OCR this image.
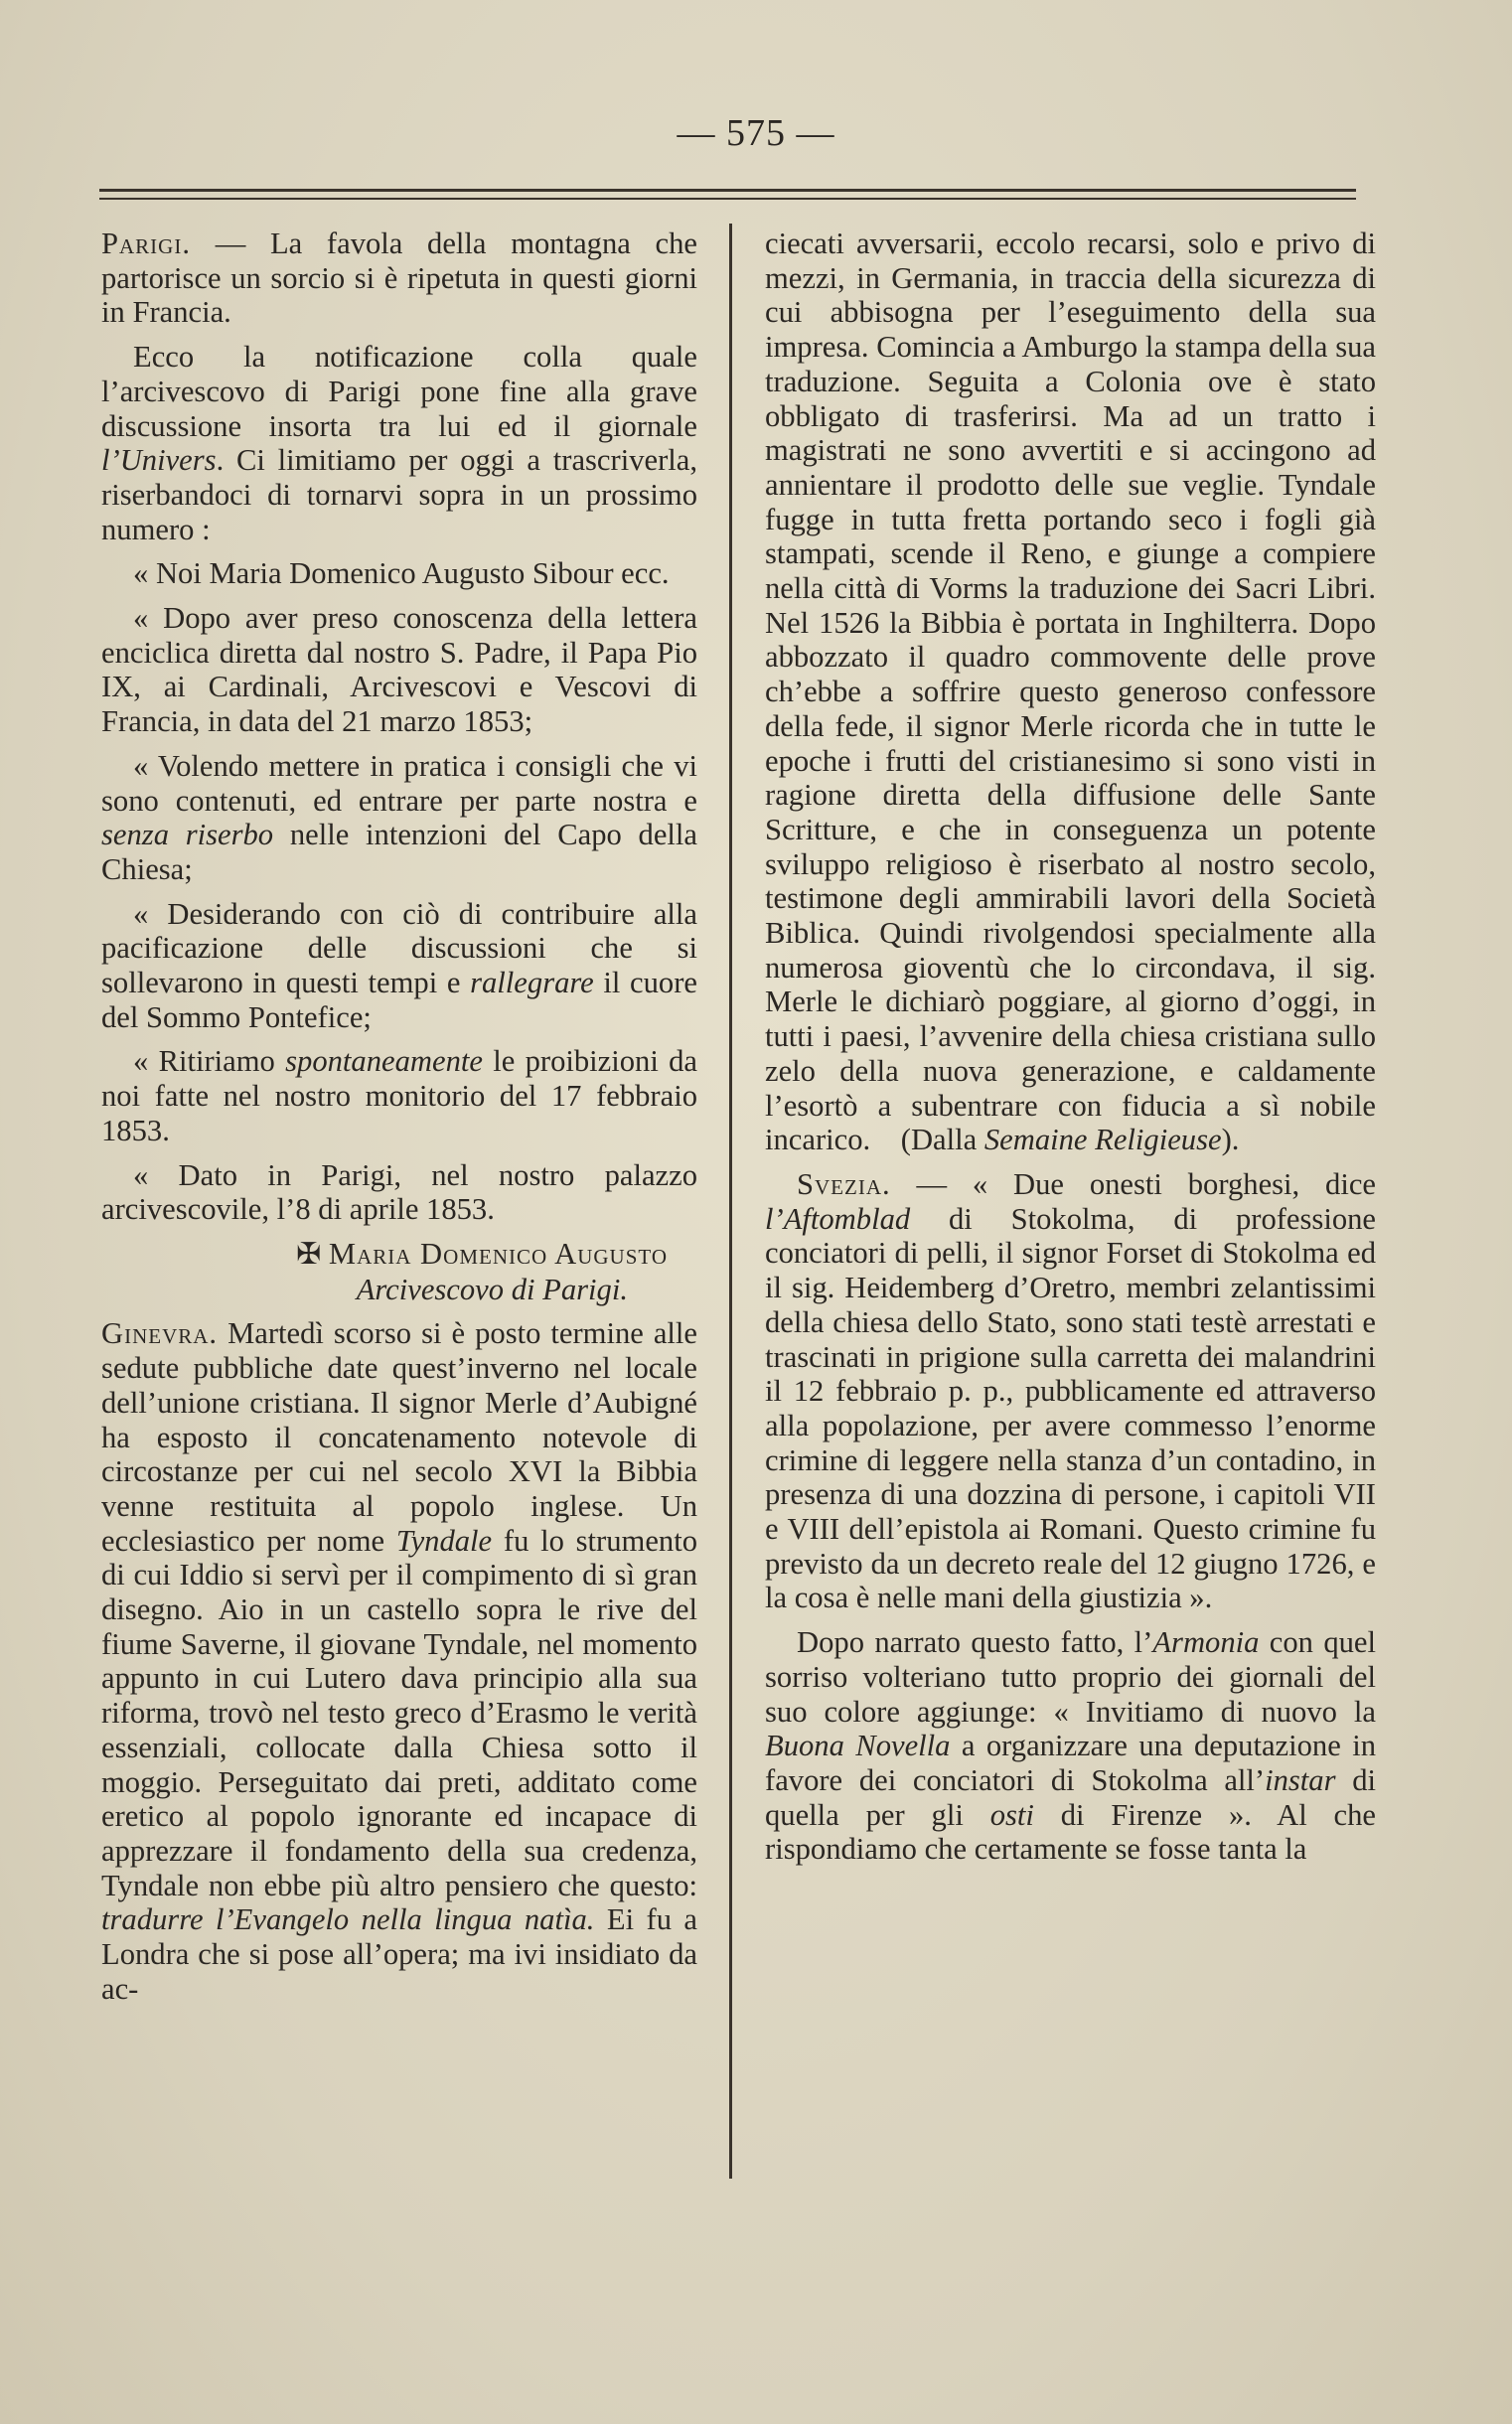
— 575 —

Parigi. — La favola della montagna che partorisce un sorcio si è ripetuta in questi giorni in Francia.

Ecco la notificazione colla quale l’arcivescovo di Parigi pone fine alla grave discussione insorta tra lui ed il giornale l’Univers. Ci limitiamo per oggi a trascriverla, riserbandoci di tornarvi sopra in un prossimo numero :

« Noi Maria Domenico Augusto Sibour ecc.

« Dopo aver preso conoscenza della lettera enciclica diretta dal nostro S. Padre, il Papa Pio IX, ai Cardinali, Arcivescovi e Vescovi di Francia, in data del 21 marzo 1853;

« Volendo mettere in pratica i consigli che vi sono contenuti, ed entrare per parte nostra e senza riserbo nelle intenzioni del Capo della Chiesa;

« Desiderando con ciò di contribuire alla pacificazione delle discussioni che si sollevarono in questi tempi e rallegrare il cuore del Sommo Pontefice;

« Ritiriamo spontaneamente le proibizioni da noi fatte nel nostro monitorio del 17 febbraio 1853.

« Dato in Parigi, nel nostro palazzo arcivescovile, l’8 di aprile 1853.

✠ Maria Domenico Augusto
Arcivescovo di Parigi.

Ginevra. Martedì scorso si è posto termine alle sedute pubbliche date quest’inverno nel locale dell’unione cristiana. Il signor Merle d’Aubigné ha esposto il concatenamento notevole di circostanze per cui nel secolo XVI la Bibbia venne restituita al popolo inglese. Un ecclesiastico per nome Tyndale fu lo strumento di cui Iddio si servì per il compimento di sì gran disegno. Aio in un castello sopra le rive del fiume Saverne, il giovane Tyndale, nel momento appunto in cui Lutero dava principio alla sua riforma, trovò nel testo greco d’Erasmo le verità essenziali, collocate dalla Chiesa sotto il moggio. Perseguitato dai preti, additato come eretico al popolo ignorante ed incapace di apprezzare il fondamento della sua credenza, Tyndale non ebbe più altro pensiero che questo: tradurre l’Evangelo nella lingua natìa. Ei fu a Londra che si pose all’opera; ma ivi insidiato da ac-

ciecati avversarii, eccolo recarsi, solo e privo di mezzi, in Germania, in traccia della sicurezza di cui abbisogna per l’eseguimento della sua impresa. Comincia a Amburgo la stampa della sua traduzione. Seguita a Colonia ove è stato obbligato di trasferirsi. Ma ad un tratto i magistrati ne sono avvertiti e si accingono ad annientare il prodotto delle sue veglie. Tyndale fugge in tutta fretta portando seco i fogli già stampati, scende il Reno, e giunge a compiere nella città di Vorms la traduzione dei Sacri Libri. Nel 1526 la Bibbia è portata in Inghilterra. Dopo abbozzato il quadro commovente delle prove ch’ebbe a soffrire questo generoso confessore della fede, il signor Merle ricorda che in tutte le epoche i frutti del cristianesimo si sono visti in ragione diretta della diffusione delle Sante Scritture, e che in conseguenza un potente sviluppo religioso è riserbato al nostro secolo, testimone degli ammirabili lavori della Società Biblica. Quindi rivolgendosi specialmente alla numerosa gioventù che lo circondava, il sig. Merle le dichiarò poggiare, al giorno d’oggi, in tutti i paesi, l’avvenire della chiesa cristiana sullo zelo della nuova generazione, e caldamente l’esortò a subentrare con fiducia a sì nobile incarico. (Dalla Semaine Religieuse).

Svezia. — « Due onesti borghesi, dice l’Aftomblad di Stokolma, di professione conciatori di pelli, il signor Forset di Stokolma ed il sig. Heidemberg d’Oretro, membri zelantissimi della chiesa dello Stato, sono stati testè arrestati e trascinati in prigione sulla carretta dei malandrini il 12 febbraio p. p., pubblicamente ed attraverso alla popolazione, per avere commesso l’enorme crimine di leggere nella stanza d’un contadino, in presenza di una dozzina di persone, i capitoli VII e VIII dell’epistola ai Romani. Questo crimine fu previsto da un decreto reale del 12 giugno 1726, e la cosa è nelle mani della giustizia ».

Dopo narrato questo fatto, l’Armonia con quel sorriso volteriano tutto proprio dei giornali del suo colore aggiunge: « Invitiamo di nuovo la Buona Novella a organizzare una deputazione in favore dei conciatori di Stokolma all’instar di quella per gli osti di Firenze ». Al che rispondiamo che certamente se fosse tanta la
